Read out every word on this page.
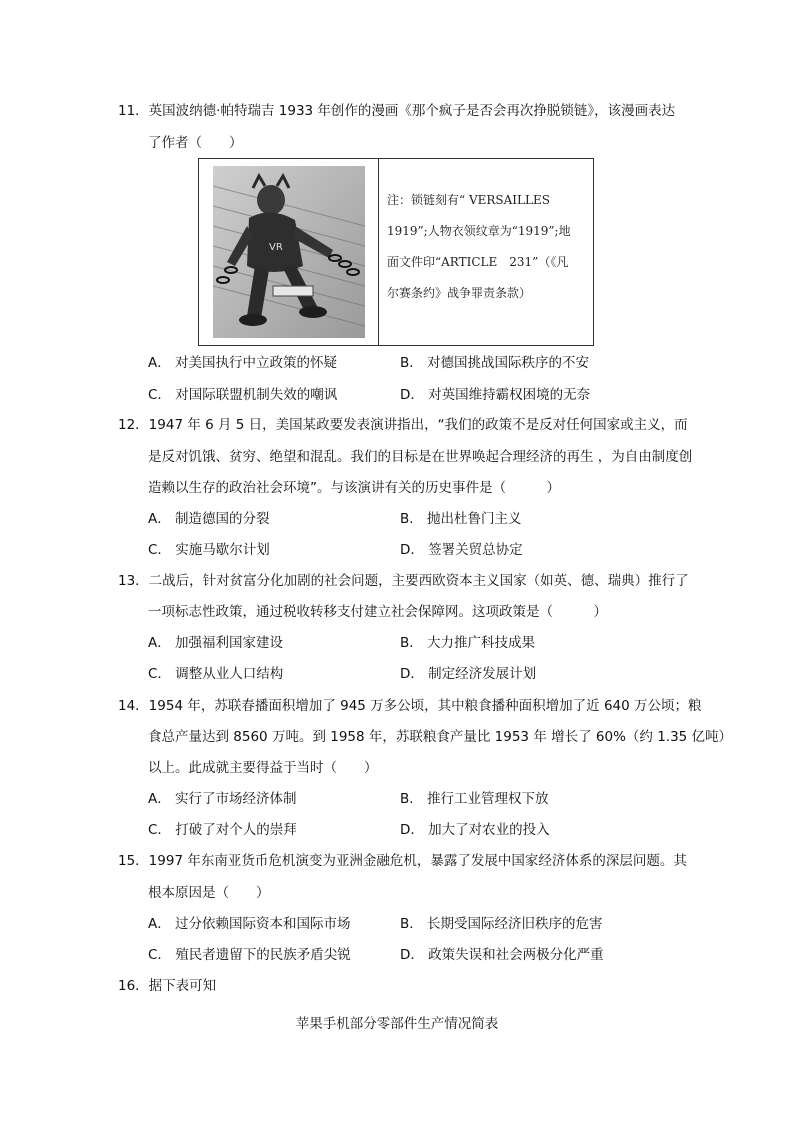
11．英国波纳德·帕特瑞吉 1933 年创作的漫画《那个疯子是否会再次挣脱锁链》，该漫画表达
了作者（　　）
VR
注：锁链刻有“ VERSAILLES
1919”;人物衣领纹章为“1919”;地
面文件印“ARTICLE　231”（《凡
尔赛条约》战争罪责条款）
A． 对美国执行中立政策的怀疑	B． 对德国挑战国际秩序的不安
C． 对国际联盟机制失效的嘲讽	D． 对英国维持霸权困境的无奈
12．1947 年 6 月 5 日，美国某政要发表演讲指出，“我们的政策不是反对任何国家或主义，而
是反对饥饿、贫穷、绝望和混乱。我们的目标是在世界唤起合理经济的再生 ，为自由制度创
造赖以生存的政治社会环境”。与该演讲有关的历史事件是（　　　）
A． 制造德国的分裂	B． 抛出杜鲁门主义
C． 实施马歇尔计划	D． 签署关贸总协定
13．二战后，针对贫富分化加剧的社会问题，主要西欧资本主义国家（如英、德、瑞典）推行了
一项标志性政策，通过税收转移支付建立社会保障网。这项政策是（　　　）
A． 加强福利国家建设	B． 大力推广科技成果
C． 调整从业人口结构	D． 制定经济发展计划
14．1954 年，苏联春播面积增加了 945 万多公顷，其中粮食播种面积增加了近 640 万公顷；粮
食总产量达到 8560 万吨。到 1958 年，苏联粮食产量比 1953 年 增长了 60%（约 1.35 亿吨）
以上。此成就主要得益于当时（　　）
A． 实行了市场经济体制	B． 推行工业管理权下放
C． 打破了对个人的崇拜	D． 加大了对农业的投入
15．1997 年东南亚货币危机演变为亚洲金融危机，暴露了发展中国家经济体系的深层问题。其
根本原因是（　　）
A． 过分依赖国际资本和国际市场	B． 长期受国际经济旧秩序的危害
C． 殖民者遗留下的民族矛盾尖锐	D． 政策失误和社会两极分化严重
16．据下表可知
苹果手机部分零部件生产情况简表
